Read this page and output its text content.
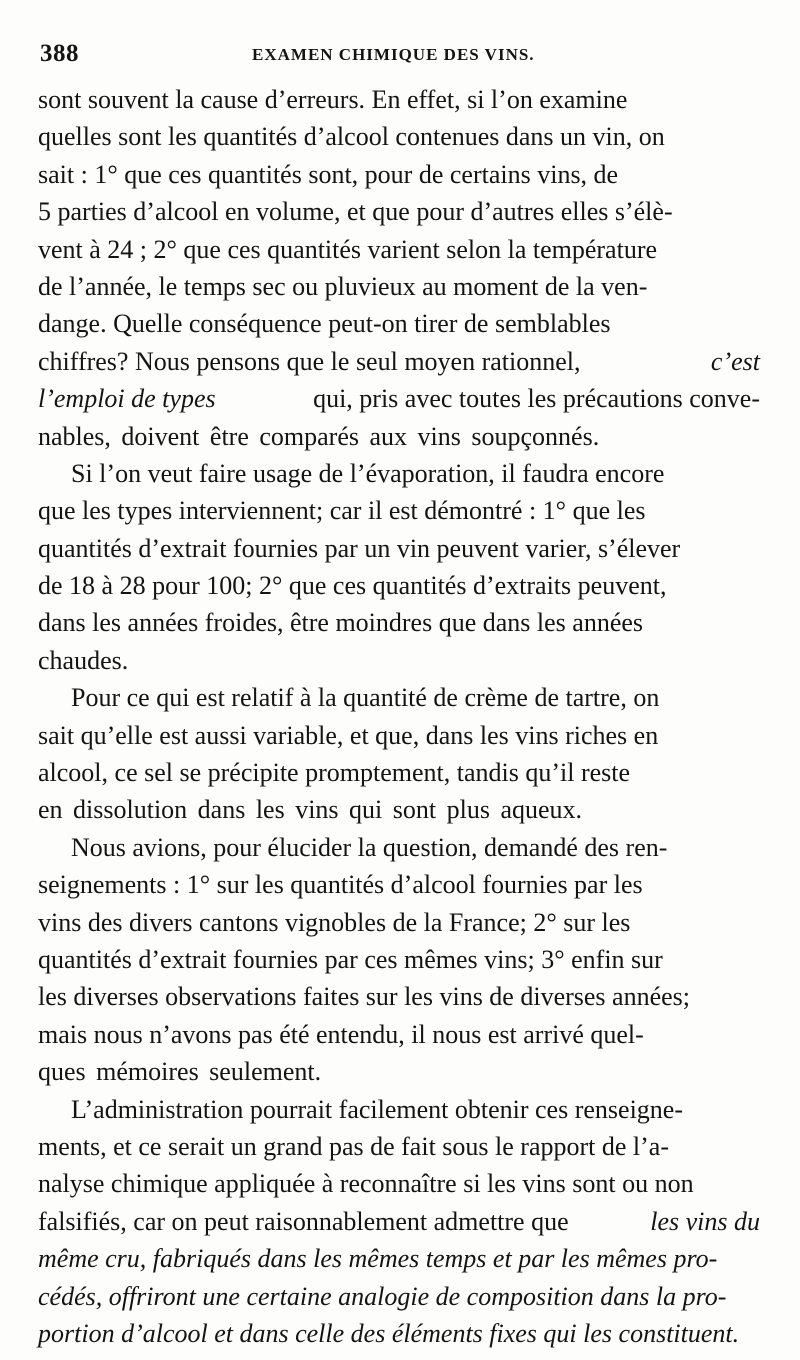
388	EXAMEN CHIMIQUE DES VINS.
sont souvent la cause d’erreurs. En effet, si l’on examine
quelles sont les quantités d’alcool contenues dans un vin, on
sait : 1° que ces quantités sont, pour de certains vins, de
5 parties d’alcool en volume, et que pour d’autres elles s’élè-
vent à 24 ; 2° que ces quantités varient selon la température
de l’année, le temps sec ou pluvieux au moment de la ven-
dange. Quelle conséquence peut-on tirer de semblables
chiffres? Nous pensons que le seul moyen rationnel,	c’est
l’emploi de types	qui, pris avec toutes les précautions conve-
nables, doivent être comparés aux vins soupçonnés.
Si l’on veut faire usage de l’évaporation, il faudra encore
que les types interviennent; car il est démontré : 1° que les
quantités d’extrait fournies par un vin peuvent varier, s’élever
de 18 à 28 pour 100; 2° que ces quantités d’extraits peuvent,
dans les années froides, être moindres que dans les années
chaudes.
Pour ce qui est relatif à la quantité de crème de tartre, on
sait qu’elle est aussi variable, et que, dans les vins riches en
alcool, ce sel se précipite promptement, tandis qu’il reste
en dissolution dans les vins qui sont plus aqueux.
Nous avions, pour élucider la question, demandé des ren-
seignements : 1° sur les quantités d’alcool fournies par les
vins des divers cantons vignobles de la France; 2° sur les
quantités d’extrait fournies par ces mêmes vins; 3° enfin sur
les diverses observations faites sur les vins de diverses années;
mais nous n’avons pas été entendu, il nous est arrivé quel-
ques mémoires seulement.
L’administration pourrait facilement obtenir ces renseigne-
ments, et ce serait un grand pas de fait sous le rapport de l’a-
nalyse chimique appliquée à reconnaître si les vins sont ou non
falsifiés, car on peut raisonnablement admettre que	les vins du
même cru, fabriqués dans les mêmes temps et par les mêmes pro-
cédés, offriront une certaine analogie de composition dans la pro-
portion d’alcool et dans celle des éléments fixes qui les constituent.
